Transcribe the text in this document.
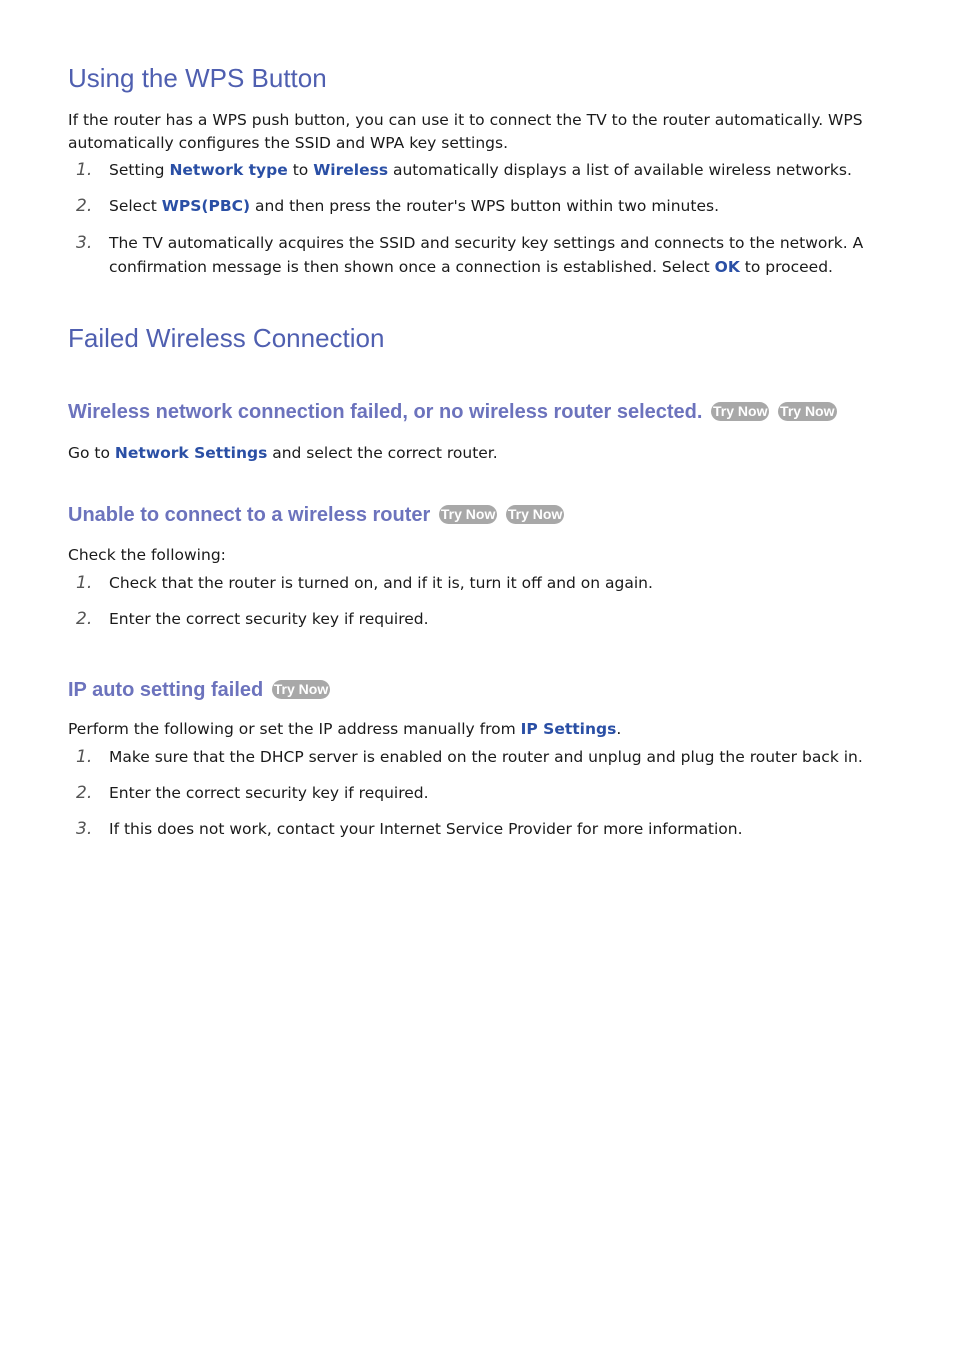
Using the WPS Button

If the router has a WPS push button, you can use it to connect the TV to the router automatically. WPS automatically configures the SSID and WPA key settings.

1. Setting Network type to Wireless automatically displays a list of available wireless networks.
2. Select WPS(PBC) and then press the router's WPS button within two minutes.
3. The TV automatically acquires the SSID and security key settings and connects to the network. A confirmation message is then shown once a connection is established. Select OK to proceed.
Failed Wireless Connection
Wireless network connection failed, or no wireless router selected. Try Now Try Now

Go to Network Settings and select the correct router.

Unable to connect to a wireless router Try Now Try Now

Check the following:

1. Check that the router is turned on, and if it is, turn it off and on again.
2. Enter the correct security key if required.
IP auto setting failed Try Now

Perform the following or set the IP address manually from IP Settings.

1. Make sure that the DHCP server is enabled on the router and unplug and plug the router back in.
2. Enter the correct security key if required.
3. If this does not work, contact your Internet Service Provider for more information.
